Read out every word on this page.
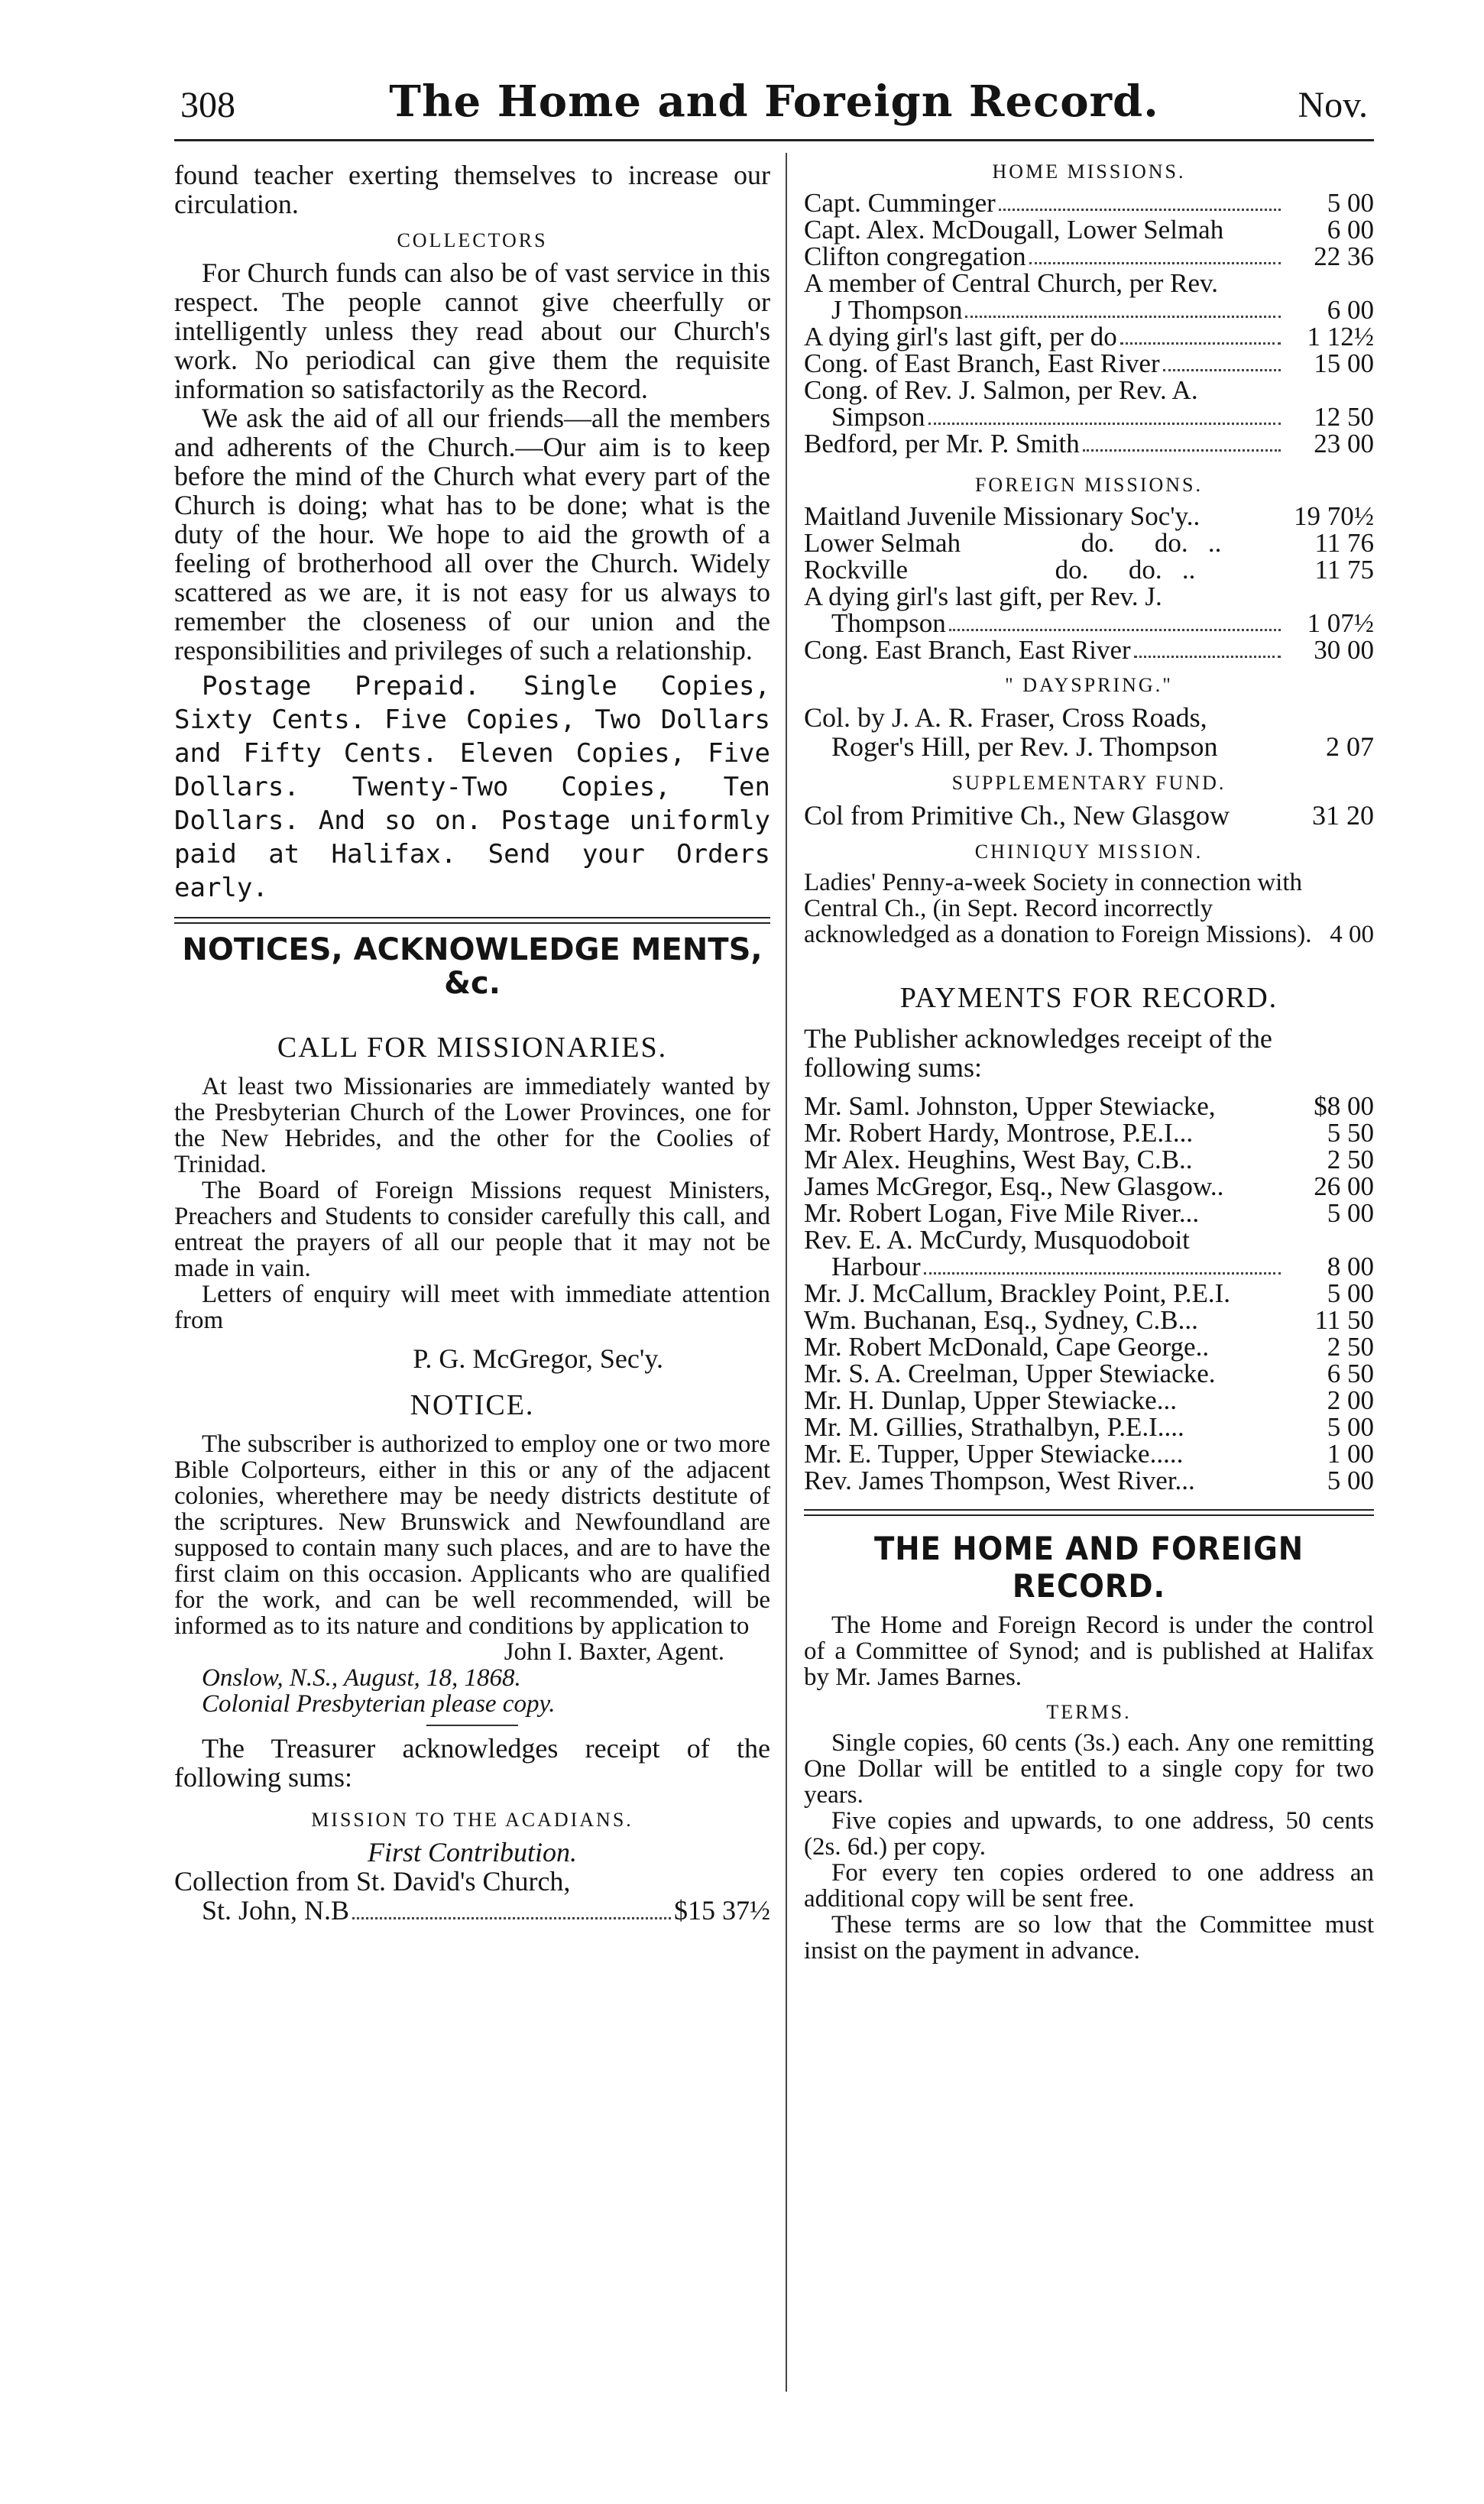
308	The Home and Foreign Record.	Nov.

found teacher exerting themselves to increase our circulation.

COLLECTORS

For Church funds can also be of vast service in this respect. The people cannot give cheerfully or intelligently unless they read about our Church's work. No periodical can give them the requisite information so satisfactorily as the Record.

We ask the aid of all our friends—all the members and adherents of the Church.—Our aim is to keep before the mind of the Church what every part of the Church is doing; what has to be done; what is the duty of the hour. We hope to aid the growth of a feeling of brotherhood all over the Church. Widely scattered as we are, it is not easy for us always to remember the closeness of our union and the responsibilities and privileges of such a relationship.

Postage Prepaid. Single Copies, Sixty Cents. Five Copies, Two Dollars and Fifty Cents. Eleven Copies, Five Dollars. Twenty-Two Copies, Ten Dollars. And so on. Postage uniformly paid at Halifax. Send your Orders early.

NOTICES, ACKNOWLEDGE MENTS, &c.
CALL FOR MISSIONARIES.

At least two Missionaries are immediately wanted by the Presbyterian Church of the Lower Provinces, one for the New Hebrides, and the other for the Coolies of Trinidad.

The Board of Foreign Missions request Ministers, Preachers and Students to consider carefully this call, and entreat the prayers of all our people that it may not be made in vain.

Letters of enquiry will meet with immediate attention from

P. G. McGregor, Sec'y.

NOTICE.

The subscriber is authorized to employ one or two more Bible Colporteurs, either in this or any of the adjacent colonies, wherethere may be needy districts destitute of the scriptures. New Brunswick and Newfoundland are supposed to contain many such places, and are to have the first claim on this occasion. Applicants who are qualified for the work, and can be well recommended, will be informed as to its nature and conditions by application to

John I. Baxter, Agent.

Onslow, N.S., August, 18, 1868.

Colonial Presbyterian please copy.

The Treasurer acknowledges receipt of the following sums:

MISSION TO THE ACADIANS.

First Contribution.

Collection from St. David's Church,

St. John, N.B	$15 37½
HOME MISSIONS.
Capt. Cumminger	5 00

Capt. Alex. McDougall, Lower Selmah	6 00

Clifton congregation	22 36

A member of Central Church, per Rev.	

J Thompson	6 00

A dying girl's last gift, per do	1 12½

Cong. of East Branch, East River	15 00

Cong. of Rev. J. Salmon, per Rev. A.	

Simpson	12 50

Bedford, per Mr. P. Smith	23 00
FOREIGN MISSIONS.
Maitland Juvenile Missionary Soc'y..	19 70½

Lower Selmah                  do.      do.   ..	11 76

Rockville                      do.      do.   ..	11 75

A dying girl's last gift, per Rev. J.	

Thompson	1 07½

Cong. East Branch, East River	30 00
" DAYSPRING."

Col. by J. A. R. Fraser, Cross Roads,

Roger's Hill, per Rev. J. Thompson	2 07
SUPPLEMENTARY FUND.
Col from Primitive Ch., New Glasgow	31 20
CHINIQUY MISSION.

Ladies' Penny-a-week Society in connection with Central Ch., (in Sept. Record incorrectly acknowledged as a donation to Foreign Missions). 4 00
PAYMENTS FOR RECORD.

The Publisher acknowledges receipt of the following sums:

Mr. Saml. Johnston, Upper Stewiacke,	$8 00

Mr. Robert Hardy, Montrose, P.E.I...	5 50

Mr Alex. Heughins, West Bay, C.B..	2 50

James McGregor, Esq., New Glasgow..	26 00

Mr. Robert Logan, Five Mile River...	5 00

Rev. E. A. McCurdy, Musquodoboit	

Harbour	8 00

Mr. J. McCallum, Brackley Point, P.E.I.	5 00

Wm. Buchanan, Esq., Sydney, C.B...	11 50

Mr. Robert McDonald, Cape George..	2 50

Mr. S. A. Creelman, Upper Stewiacke.	6 50

Mr. H. Dunlap, Upper Stewiacke...	2 00

Mr. M. Gillies, Strathalbyn, P.E.I....	5 00

Mr. E. Tupper, Upper Stewiacke.....	1 00

Rev. James Thompson, West River...	5 00
THE HOME AND FOREIGN RECORD.

The Home and Foreign Record is under the control of a Committee of Synod; and is published at Halifax by Mr. James Barnes.

TERMS.

Single copies, 60 cents (3s.) each. Any one remitting One Dollar will be entitled to a single copy for two years.

Five copies and upwards, to one address, 50 cents (2s. 6d.) per copy.

For every ten copies ordered to one address an additional copy will be sent free.

These terms are so low that the Committee must insist on the payment in advance.
